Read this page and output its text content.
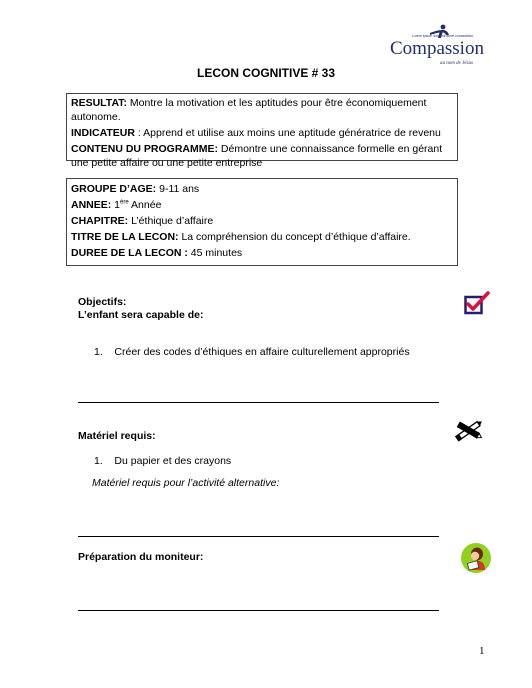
Lorem ipsum dolor sit amet consectetur
Compassion
au nom de Jésus
LECON COGNITIVE # 33

RESULTAT: Montre la motivation et les aptitudes pour être économiquement autonome.

INDICATEUR : Apprend et utilise aux moins une aptitude génératrice de revenu

CONTENU DU PROGRAMME: Démontre une connaissance formelle en gérant une petite affaire ou une petite entreprise

GROUPE D’AGE: 9-11 ans

ANNEE: 1ère Année

CHAPITRE: L’éthique d’affaire

TITRE DE LA LECON: La compréhension du concept d’éthique d’affaire.

DUREE DE LA LECON : 45 minutes

Objectifs:
L’enfant sera capable de:
1.    Créer des codes d’éthiques en affaire culturellement appropriés
Matériel requis:
1.    Du papier et des crayons
Matériel requis pour l’activité alternative:
Préparation du moniteur:
1
